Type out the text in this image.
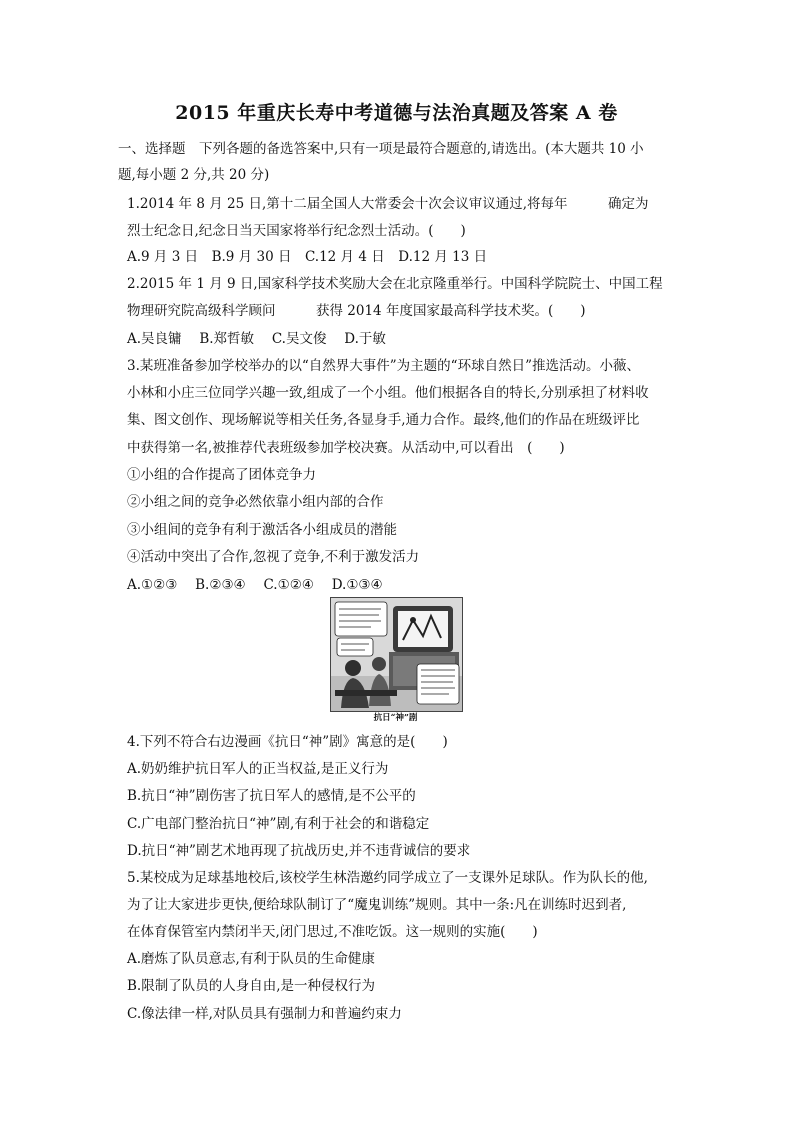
2015 年重庆长寿中考道德与法治真题及答案 A 卷
一、选择题　下列各题的备选答案中,只有一项是最符合题意的,请选出。(本大题共 10 小
题,每小题 2 分,共 20 分)
1.2014 年 8 月 25 日,第十二届全国人大常委会十次会议审议通过,将每年　　　确定为
烈士纪念日,纪念日当天国家将举行纪念烈士活动。(　　)
A.9 月 3 日　B.9 月 30 日　C.12 月 4 日　D.12 月 13 日
2.2015 年 1 月 9 日,国家科学技术奖励大会在北京隆重举行。中国科学院院士、中国工程
物理研究院高级科学顾问　　　获得 2014 年度国家最高科学技术奖。(　　)
A.吴良镛　 B.郑哲敏　 C.吴文俊　 D.于敏
3.某班准备参加学校举办的以“自然界大事件”为主题的“环球自然日”推选活动。小薇、
小林和小庄三位同学兴趣一致,组成了一个小组。他们根据各自的特长,分别承担了材料收
集、图文创作、现场解说等相关任务,各显身手,通力合作。最终,他们的作品在班级评比
中获得第一名,被推荐代表班级参加学校决赛。从活动中,可以看出　(　　)
①小组的合作提高了团体竞争力
②小组之间的竞争必然依靠小组内部的合作
③小组间的竞争有利于激活各小组成员的潜能
④活动中突出了合作,忽视了竞争,不利于激发活力
A.①②③　 B.②③④　 C.①②④　 D.①③④
抗日“神”剧
4.下列不符合右边漫画《抗日“神”剧》寓意的是(　　)
A.奶奶维护抗日军人的正当权益,是正义行为
B.抗日“神”剧伤害了抗日军人的感情,是不公平的
C.广电部门整治抗日“神”剧,有利于社会的和谐稳定
D.抗日“神”剧艺术地再现了抗战历史,并不违背诚信的要求
5.某校成为足球基地校后,该校学生林浩邀约同学成立了一支课外足球队。作为队长的他,
为了让大家进步更快,便给球队制订了“魔鬼训练”规则。其中一条:凡在训练时迟到者,
在体育保管室内禁闭半天,闭门思过,不准吃饭。这一规则的实施(　　)
A.磨炼了队员意志,有利于队员的生命健康
B.限制了队员的人身自由,是一种侵权行为
C.像法律一样,对队员具有强制力和普遍约束力
